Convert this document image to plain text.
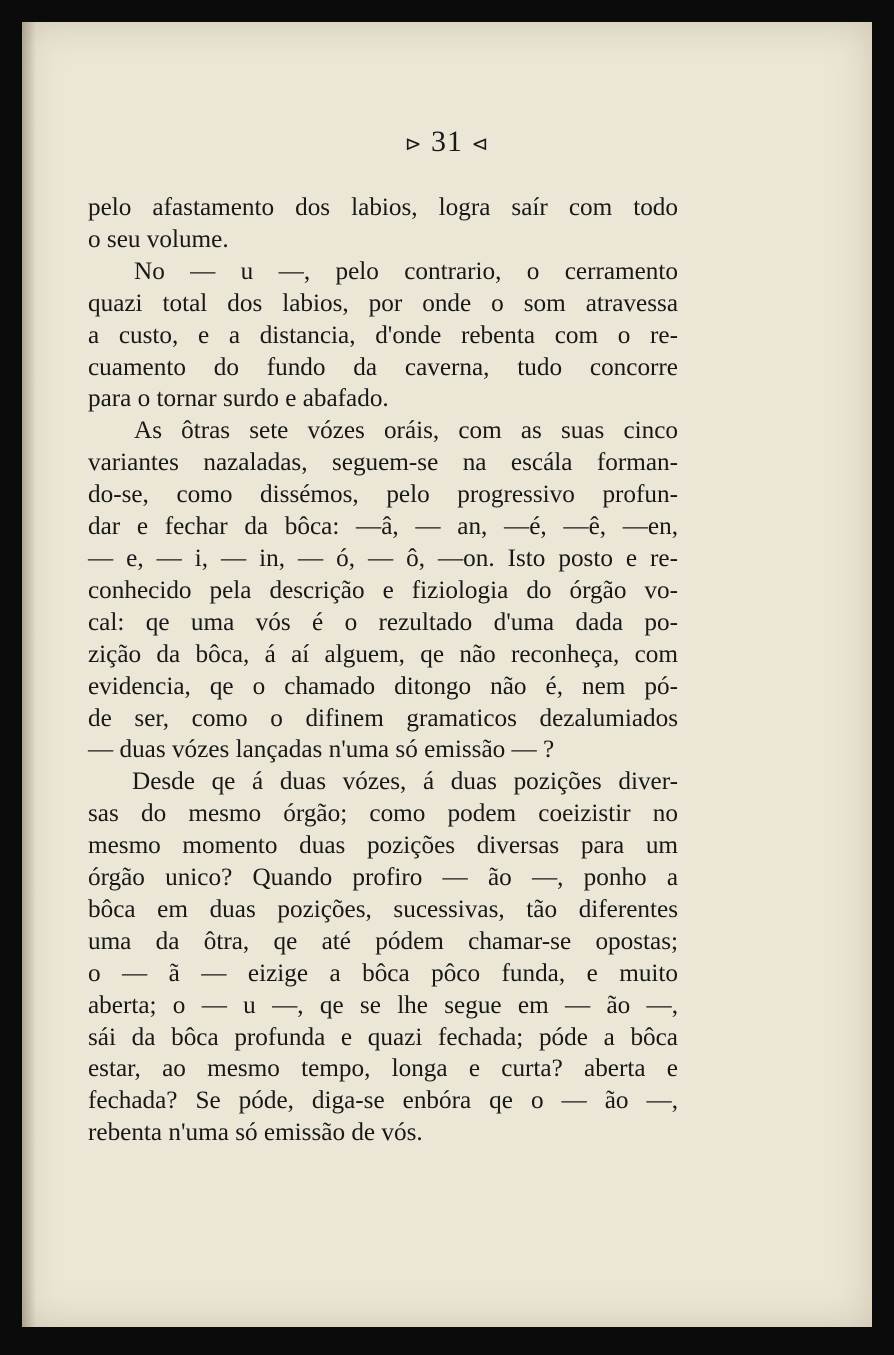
⊳ 31 ⊲
pelo afastamento dos labios, logra saír com todo
o seu volume.
No — u —, pelo contrario, o cerramento
quazi total dos labios, por onde o som atravessa
a custo, e a distancia, d'onde rebenta com o re-
cuamento do fundo da caverna, tudo concorre
para o tornar surdo e abafado.
As ôtras sete vózes oráis, com as suas cinco
variantes nazaladas, seguem-se na escála forman-
do-se, como dissémos, pelo progressivo profun-
dar e fechar da bôca: —â, — an, —é, —ê, —en,
— e, — i, — in, — ó, — ô, —on. Isto posto e re-
conhecido pela descrição e fiziologia do órgão vo-
cal: qe uma vós é o rezultado d'uma dada po-
zição da bôca, á aí alguem, qe não reconheça, com
evidencia, qe o chamado ditongo não é, nem pó-
de ser, como o difinem gramaticos dezalumiados
— duas vózes lançadas n'uma só emissão — ?
Desde qe á duas vózes, á duas pozições diver-
sas do mesmo órgão; como podem coeizistir no
mesmo momento duas pozições diversas para um
órgão unico? Quando profiro — ão —, ponho a
bôca em duas pozições, sucessivas, tão diferentes
uma da ôtra, qe até pódem chamar-se opostas;
o — ã — eizige a bôca pôco funda, e muito
aberta; o — u —, qe se lhe segue em — ão —,
sái da bôca profunda e quazi fechada; póde a bôca
estar, ao mesmo tempo, longa e curta? aberta e
fechada? Se póde, diga-se enbóra qe o — ão —,
rebenta n'uma só emissão de vós.
